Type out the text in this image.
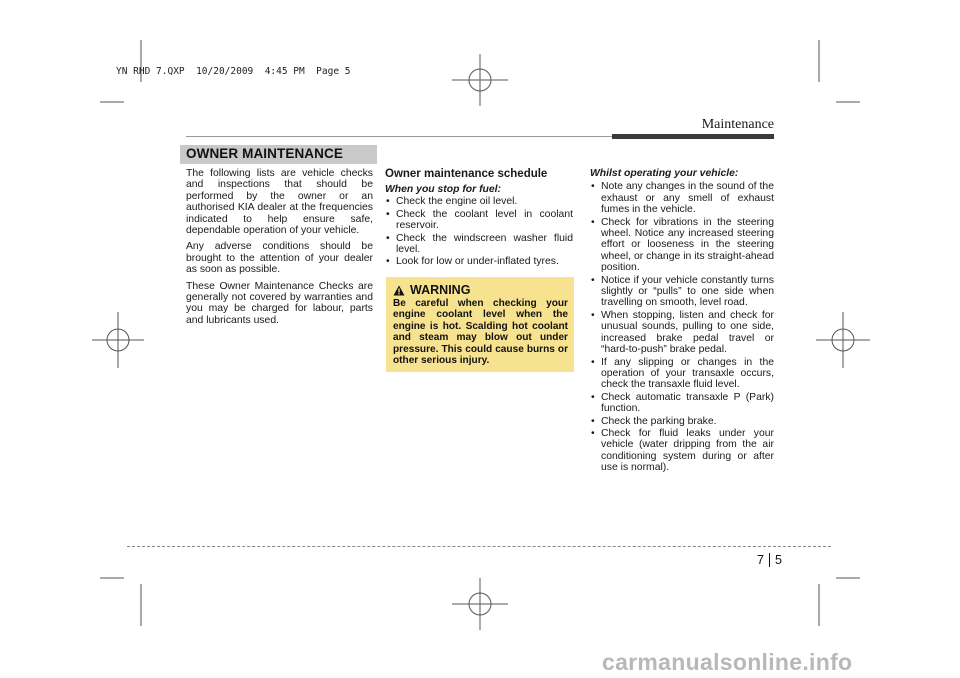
YN RHD 7.QXP  10/20/2009  4:45 PM  Page 5
Maintenance
OWNER MAINTENANCE

The following lists are vehicle checks and inspections that should be performed by the owner or an authorised KIA dealer at the frequencies indicated to help ensure safe, dependable operation of your vehicle.

Any adverse conditions should be brought to the attention of your dealer as soon as possible.

These Owner Maintenance Checks are generally not covered by warranties and you may be charged for labour, parts and lubricants used.

Owner maintenance schedule

When you stop for fuel:

• Check the engine oil level.
• Check the coolant level in coolant reservoir.
• Check the windscreen washer fluid level.
• Look for low or under-inflated tyres.
WARNING
Be careful when checking your engine coolant level when the engine is hot. Scalding hot coolant and steam may blow out under pressure. This could cause burns or other serious injury.

Whilst operating your vehicle:

• Note any changes in the sound of the exhaust or any smell of exhaust fumes in the vehicle.
• Check for vibrations in the steering wheel. Notice any increased steering effort or looseness in the steering wheel, or change in its straight-ahead position.
• Notice if your vehicle constantly turns slightly or “pulls” to one side when travelling on smooth, level road.
• When stopping, listen and check for unusual sounds, pulling to one side, increased brake pedal travel or “hard-to-push” brake pedal.
• If any slipping or changes in the operation of your transaxle occurs, check the transaxle fluid level.
• Check automatic transaxle P (Park) function.
• Check the parking brake.
• Check for fluid leaks under your vehicle (water dripping from the air conditioning system during or after use is normal).
7 5
carmanualsonline.info
